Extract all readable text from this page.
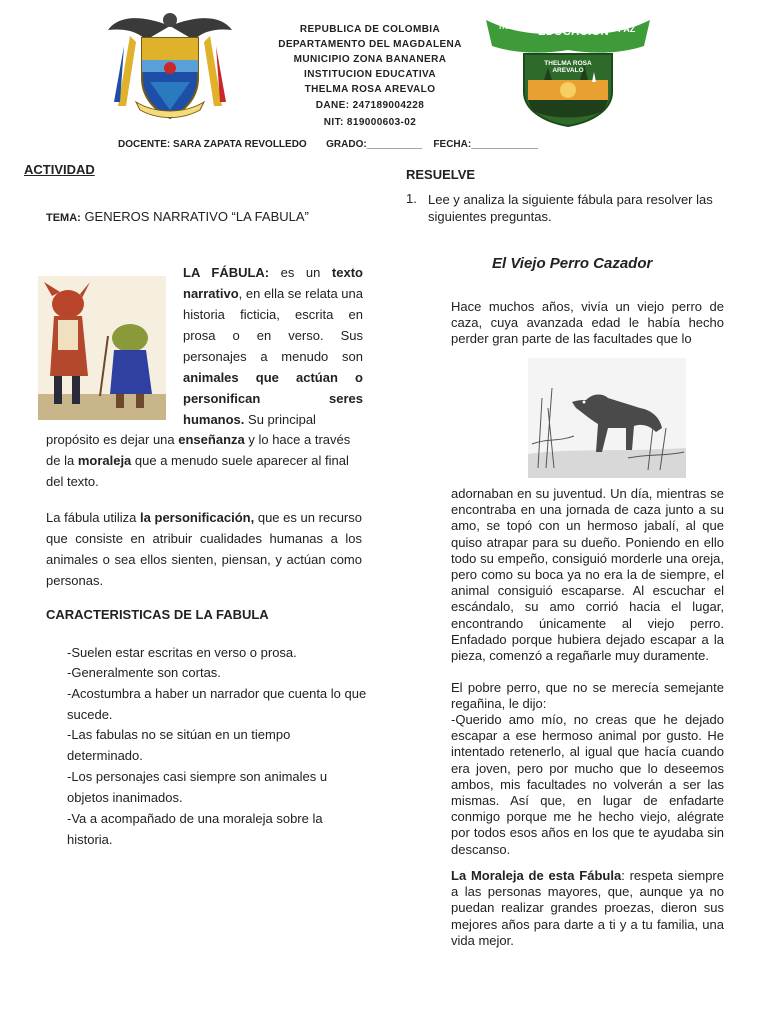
REPUBLICA DE COLOMBIA
DEPARTAMENTO DEL MAGDALENA
MUNICIPIO ZONA BANANERA
INSTITUCION EDUCATIVA
THELMA ROSA AREVALO
DANE: 247189004228
NIT: 819000603-02
TRABAJO EDUCACIÓN PAZ
THELMA ROSA AREVALO
DOCENTE: SARA ZAPATA REVOLLEDO       GRADO:__________    FECHA:____________
ACTIVIDAD
TEMA: GENEROS NARRATIVO “LA FABULA”
LA FÁBULA: es un texto narrativo, en ella se relata una historia ficticia, escrita en prosa o en verso. Sus personajes a menudo son animales que actúan o personifican seres humanos. Su principal
propósito es dejar una enseñanza y lo hace a través de la moraleja que a menudo suele aparecer al final del texto.
La fábula utiliza la personificación, que es un recurso que consiste en atribuir cualidades humanas a los animales o sea ellos sienten, piensan, y actúan como personas.
CARACTERISTICAS DE LA FABULA
-Suelen estar escritas en verso o prosa.
-Generalmente son cortas.
-Acostumbra a haber un narrador que cuenta lo que sucede.
-Las fabulas no se sitúan en un tiempo determinado.
-Los personajes casi siempre son animales u objetos inanimados.
-Va a acompañado de una moraleja sobre la historia.
RESUELVE
1. Lee y analiza la siguiente fábula para resolver las siguientes preguntas.
El Viejo Perro Cazador
Hace muchos años, vivía un viejo perro de caza, cuya avanzada edad le había hecho perder gran parte de las facultades que lo
adornaban en su juventud. Un día, mientras se encontraba en una jornada de caza junto a su amo, se topó con un hermoso jabalí, al que quiso atrapar para su dueño. Poniendo en ello todo su empeño, consiguió morderle una oreja, pero como su boca ya no era la de siempre, el animal consiguió escaparse. Al escuchar el escándalo, su amo corrió hacia el lugar, encontrando únicamente al viejo perro. Enfadado porque hubiera dejado escapar a la pieza, comenzó a regañarle muy duramente.
El pobre perro, que no se merecía semejante regañina, le dijo:
-Querido amo mío, no creas que he dejado escapar a ese hermoso animal por gusto. He intentado retenerlo, al igual que hacía cuando era joven, pero por mucho que lo deseemos ambos, mis facultades no volverán a ser las mismas. Así que, en lugar de enfadarte conmigo porque me he hecho viejo, alégrate por todos esos años en los que te ayudaba sin descanso.
La Moraleja de esta Fábula: respeta siempre a las personas mayores, que, aunque ya no puedan realizar grandes proezas, dieron sus mejores años para darte a ti y a tu familia, una vida mejor.
